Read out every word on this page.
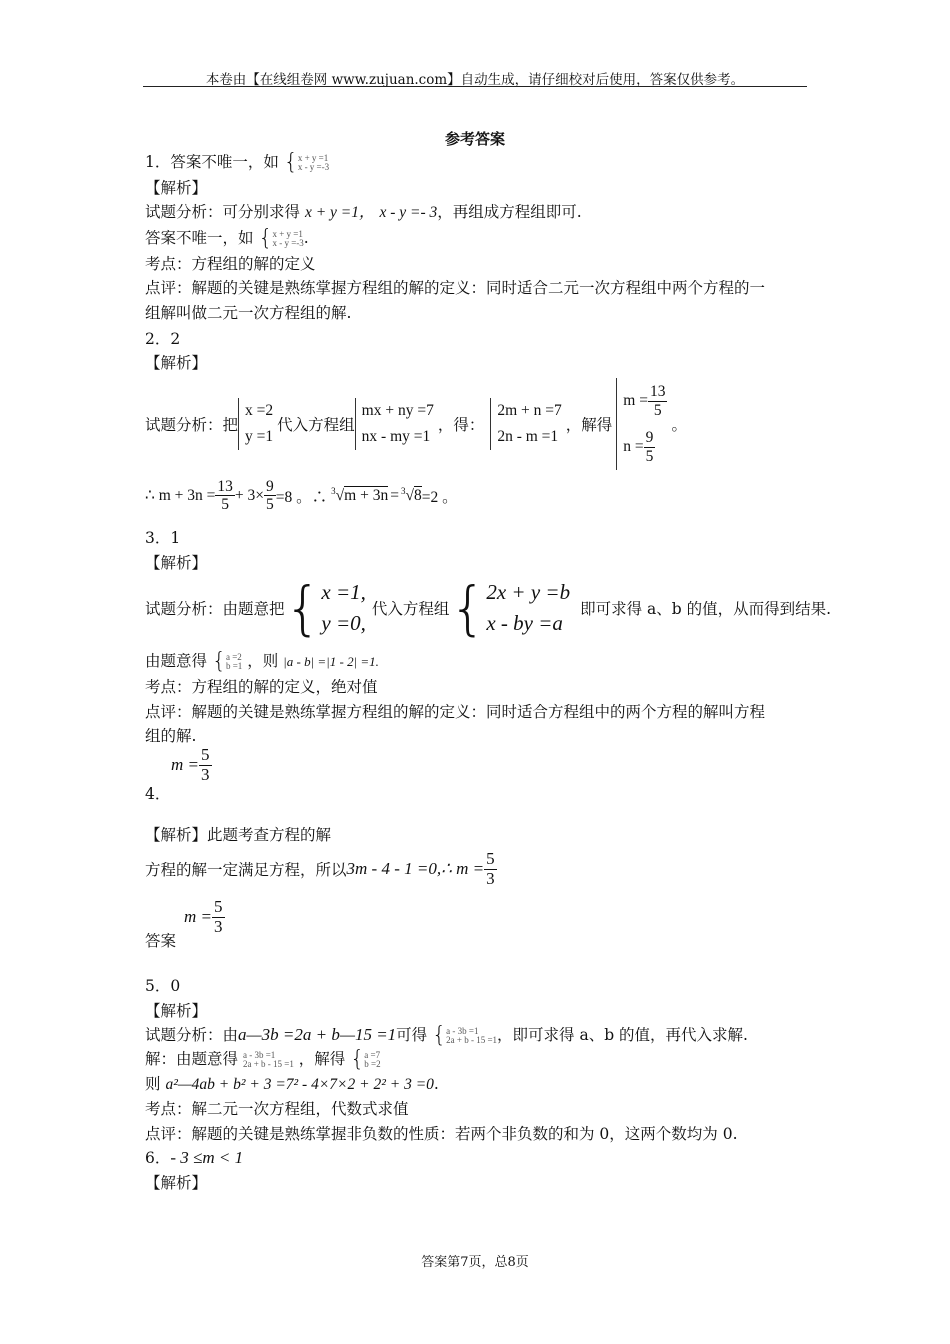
本卷由【在线组卷网 www.zujuan.com】自动生成，请仔细校对后使用，答案仅供参考。
参考答案
1．答案不唯一，如 { x + y =1
x - y =-3
【解析】
试题分析：可分别求得 x + y =1， x - y =- 3，再组成方程组即可.
答案不唯一，如 { x + y =1
x - y =-3 .
考点：方程组的解的定义
点评：解题的关键是熟练掌握方程组的解的定义：同时适合二元一次方程组中两个方程的一
组解叫做二元一次方程组的解.
2．2
【解析】
试题分析：把
x =2
y =1
代入方程组
mx + ny =7
nx - my =1
，得：
2m + n =7
2n - m =1
，解得
$m = \frac{13}{5}$
$n = \frac{9}{5}$
。
∴ $m + 3n = \frac{13}{5} + 3\times \frac{9}{5} =8$ 。∴ $^3$√m + 3n = $^3$√8 =2 。
3．1
【解析】
试题分析：由题意把 { x =1,
y =0,
代入方程组 { 2x + y =b
x - by =a
即可求得 a、b 的值，从而得到结果.
由题意得 { a =2
b =1 ，则 |a - b| =|1 - 2| =1.
考点：方程组的解的定义，绝对值
点评：解题的关键是熟练掌握方程组的解的定义：同时适合方程组中的两个方程的解叫方程
组的解.
$m = \frac{5}{3}$
4．
【解析】此题考查方程的解
方程的解一定满足方程，所以 3m - 4 - 1 =0,∴ $m = \frac{5}{3}$
答案
$m = \frac{5}{3}$
5．0
【解析】
试题分析：由a—3b =2a + b—15 =1可得 { a - 3b =1
2a + b - 15 =1 ，即可求得 a、b 的值，再代入求解.
解：由题意得 a - 3b =1
2a + b - 15 =1 ，解得 { a =7
b =2
则 a²—4ab + b² + 3 =7² - 4×7×2 + 2² + 3 =0.
考点：解二元一次方程组，代数式求值
点评：解题的关键是熟练掌握非负数的性质：若两个非负数的和为 0，这两个数均为 0.
6．- 3 ≤m < 1
【解析】
答案第7页，总8页
